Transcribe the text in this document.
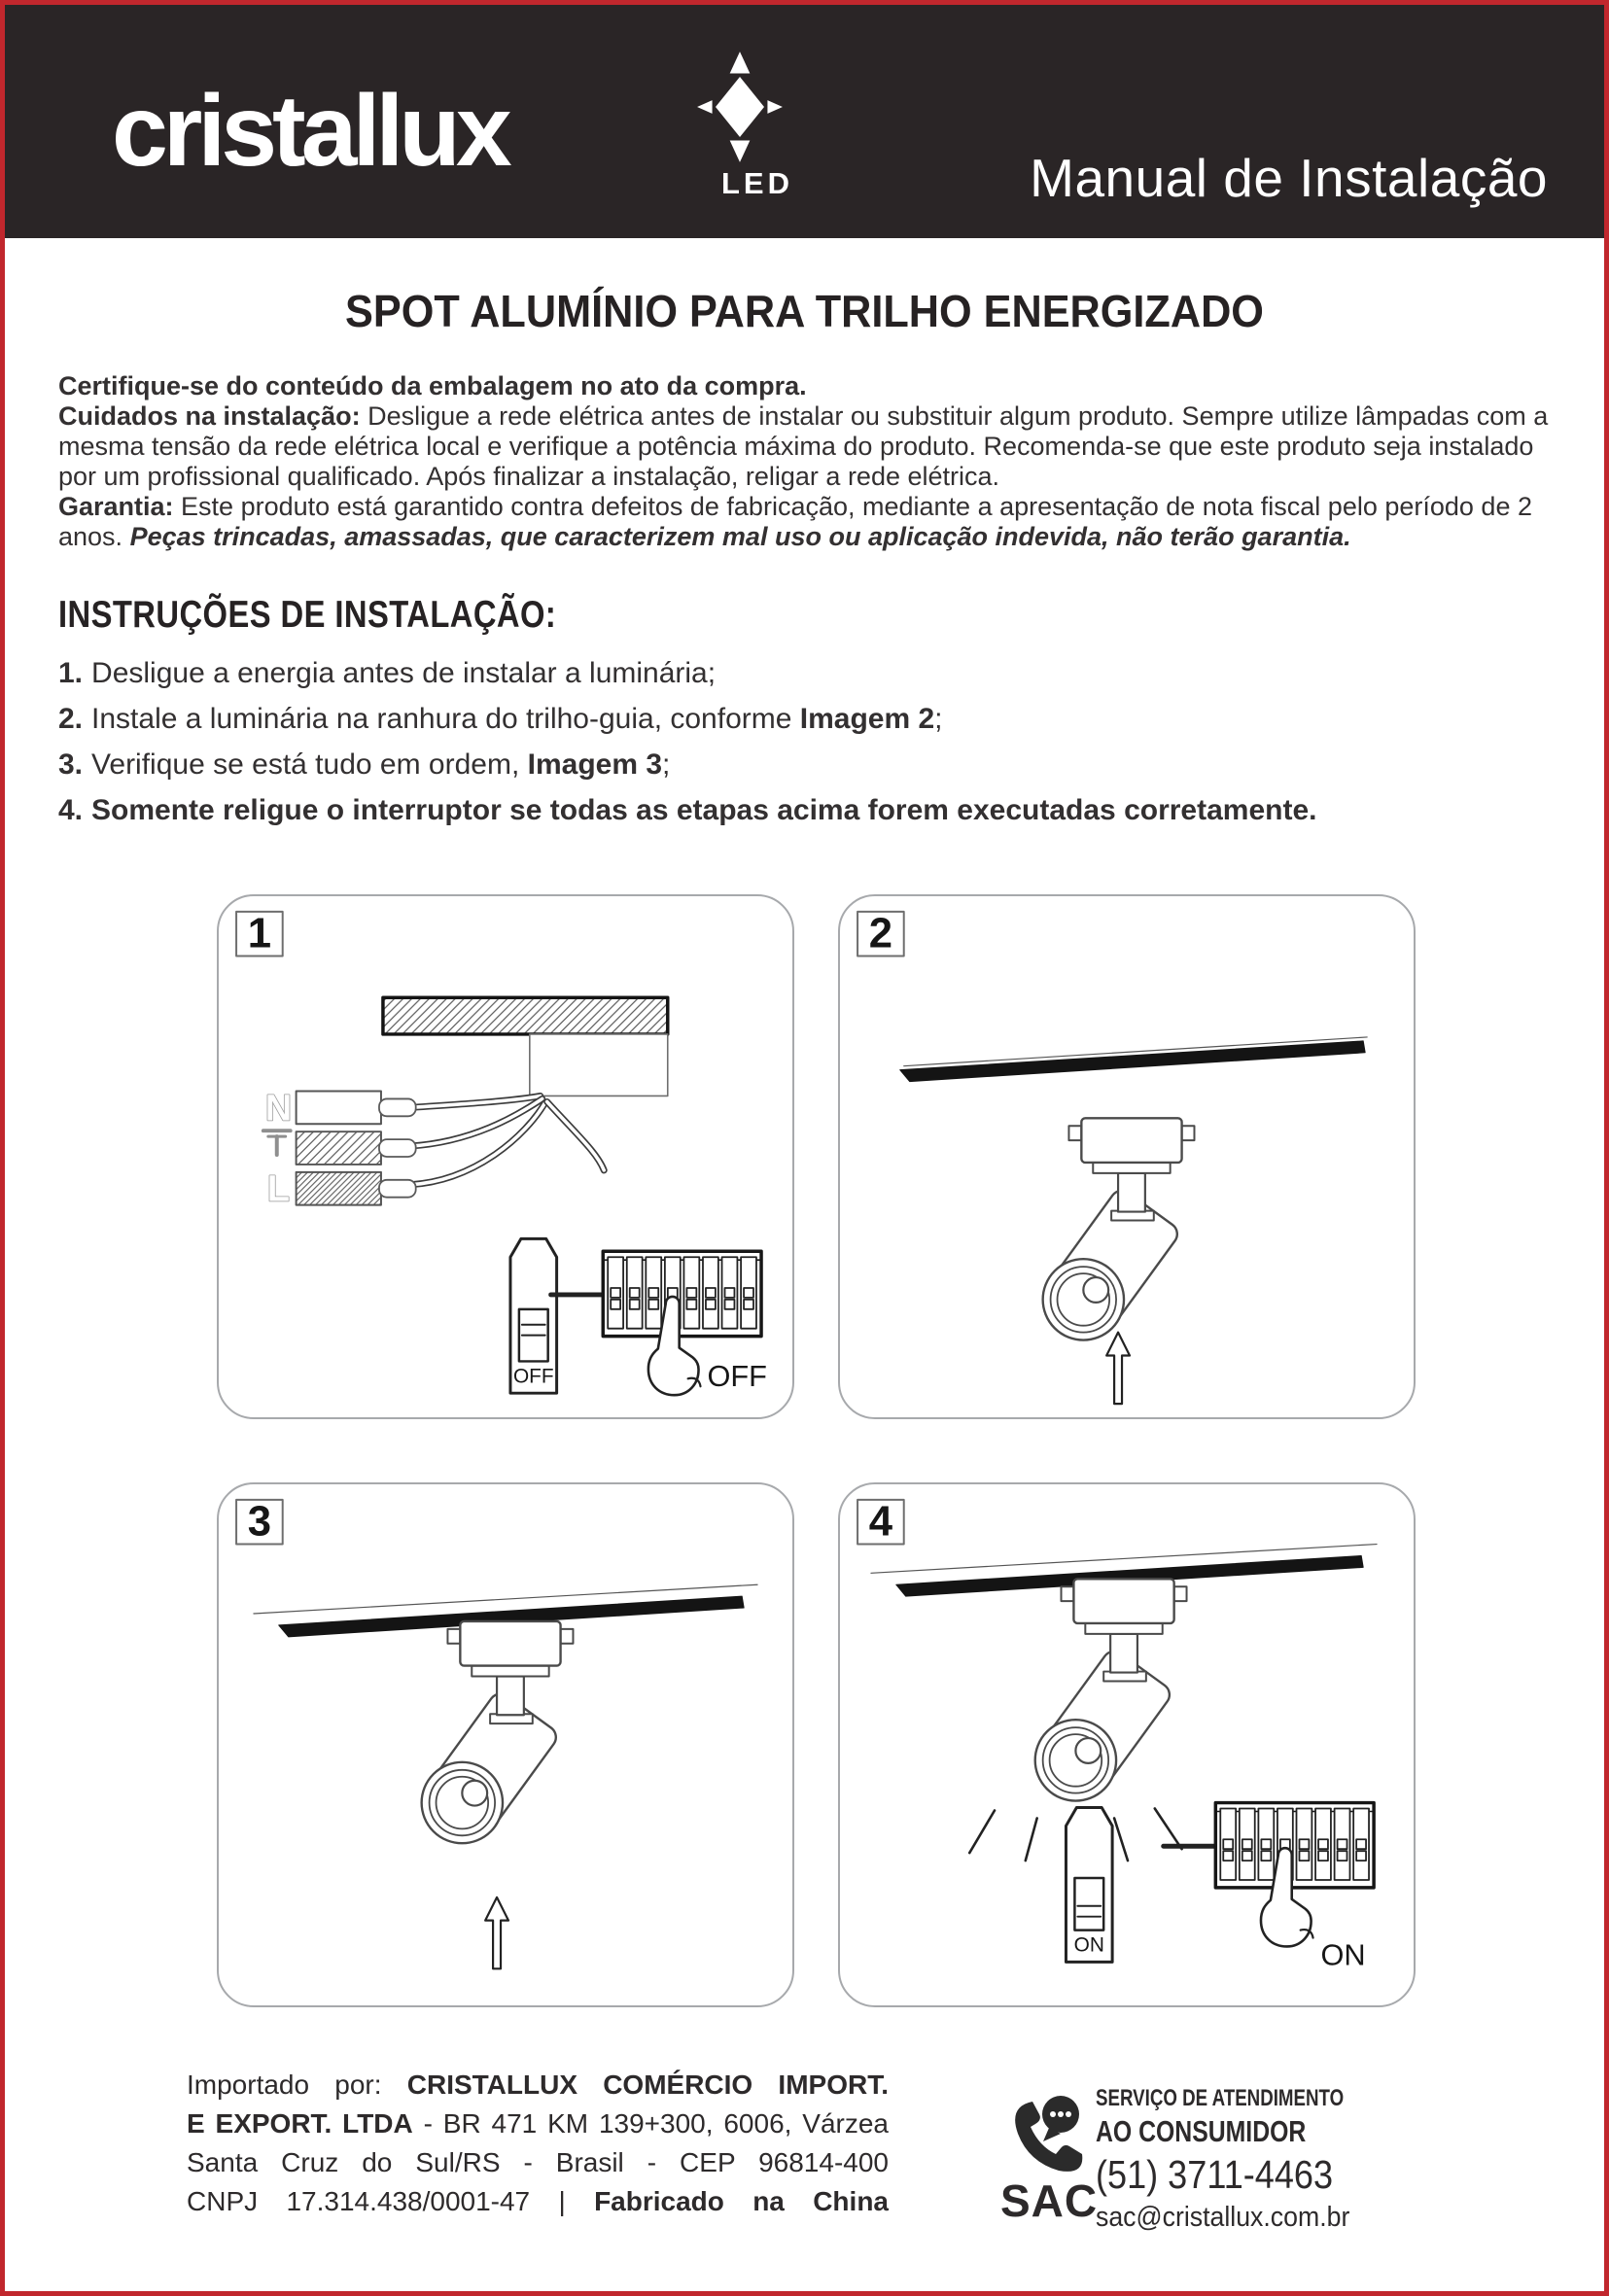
cristallux	LED	Manual de Instalação
SPOT ALUMÍNIO PARA TRILHO ENERGIZADO

Certifique-se do conteúdo da embalagem no ato da compra.

Cuidados na instalação: Desligue a rede elétrica antes de instalar ou substituir algum produto. Sempre utilize lâmpadas com a mesma tensão da rede elétrica local e verifique a potência máxima do produto. Recomenda-se que este produto seja instalado por um profissional qualificado. Após finalizar a instalação, religar a rede elétrica.

Garantia: Este produto está garantido contra defeitos de fabricação, mediante a apresentação de nota fiscal pelo período de 2 anos. Peças trincadas, amassadas, que caracterizem mal uso ou aplicação indevida, não terão garantia.

INSTRUÇÕES DE INSTALAÇÃO:
1. Desligue a energia antes de instalar a luminária;
2. Instale a luminária na ranhura do trilho-guia, conforme Imagem 2;
3. Verifique se está tudo em ordem, Imagem 3;
4. Somente religue o interruptor se todas as etapas acima forem executadas corretamente.
1
N
L
OFF	OFF
2
3	4
ON	ON
Importado por: CRISTALLUX COMÉRCIO IMPORT.
E EXPORT. LTDA - BR 471 KM 139+300, 6006, Várzea
Santa Cruz do Sul/RS - Brasil - CEP 96814-400
CNPJ 17.314.438/0001-47 | Fabricado na China	SAC
SERVIÇO DE ATENDIMENTO
AO CONSUMIDOR
(51) 3711-4463
sac@cristallux.com.br
